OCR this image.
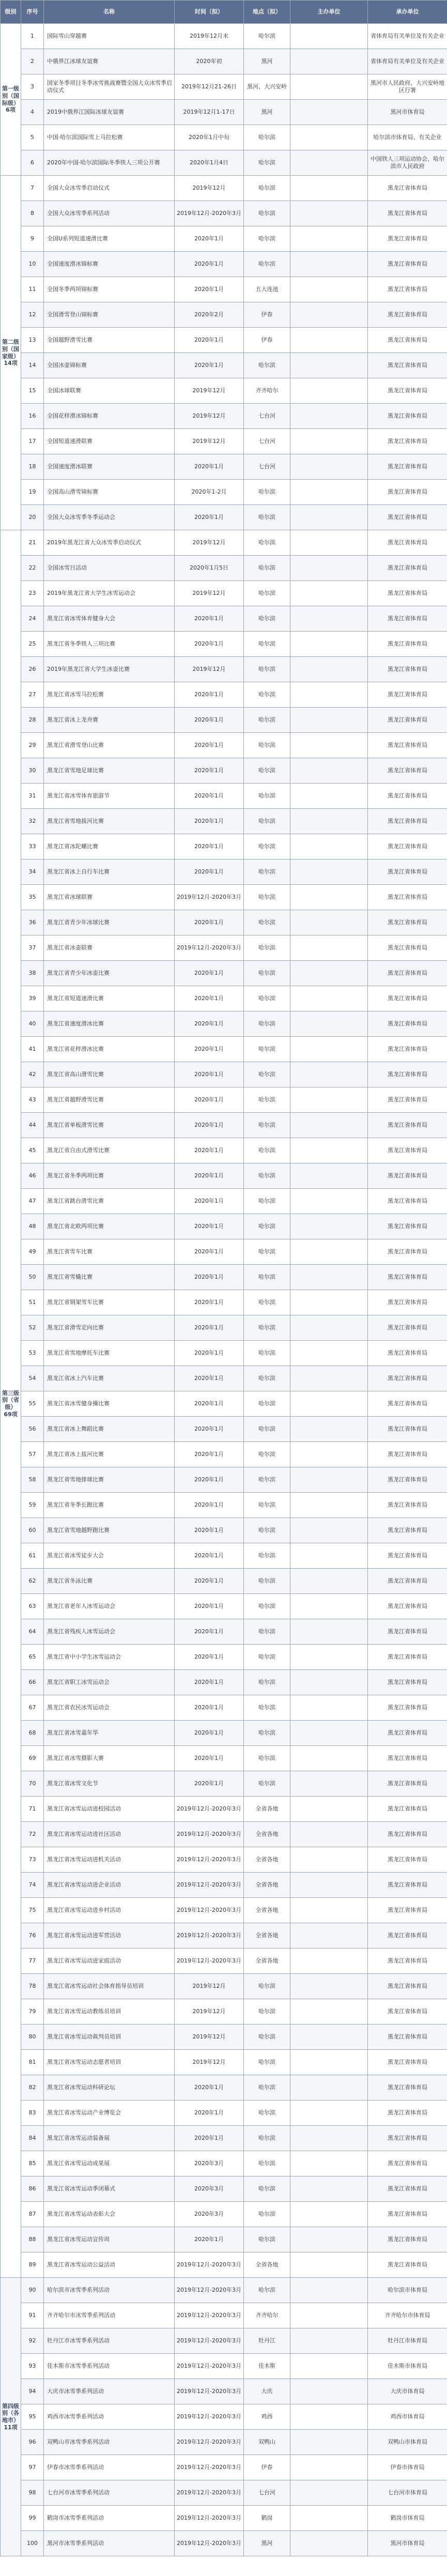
级别	序号	名称	时间（拟）	地点（拟）	主办单位	承办单位
第一级别（国际级）6项	1	国际雪山穿越赛	2019年12月末	哈尔滨		省体育局有关单位及有关企业
	2	中俄界江冰球友谊赛	2020年初	黑河		省体育局有关单位及有关企业
	3	国家冬季项目冬季冰雪挑战赛暨全国大众冰雪季启动仪式	2019年12月21-26日	黑河、大兴安岭		黑河市人民政府、大兴安岭地区行署
	4	2019中俄界江国际冰球友谊赛	2019年12月1-17日	黑河		黑河市体育局
	5	中国·哈尔滨国际雪上马拉松赛	2020年1月中旬	哈尔滨		哈尔滨市体育局、有关企业
	6	2020年中国·哈尔滨国际冬季铁人三项公开赛	2020年1月4日	哈尔滨		中国铁人三项运动协会、哈尔滨市人民政府
第二级别（国家级）14项	7	全国大众冰雪季启动仪式	2019年12月	哈尔滨		黑龙江省体育局
	8	全国大众冰雪季系列活动	2019年12月-2020年3月	哈尔滨		黑龙江省体育局
	9	全国U系列短道速滑比赛	2020年1月	哈尔滨		黑龙江省体育局
	10	全国速度滑冰锦标赛	2020年1月	哈尔滨		黑龙江省体育局
	11	全国冬季两项锦标赛	2020年1月	五大连池		黑龙江省体育局
	12	全国滑雪登山锦标赛	2020年2月	伊春		黑龙江省体育局
	13	全国越野滑雪比赛	2020年1月	伊春		黑龙江省体育局
	14	全国冰壶锦标赛	2020年1月	哈尔滨		黑龙江省体育局
	15	全国冰球联赛	2019年12月	齐齐哈尔		黑龙江省体育局
	16	全国花样滑冰锦标赛	2019年12月	七台河		黑龙江省体育局
	17	全国短道速滑联赛	2019年12月	七台河		黑龙江省体育局
	18	全国速度滑冰联赛	2020年1月	七台河		黑龙江省体育局
	19	全国高山滑雪锦标赛	2020年1-2月	哈尔滨		黑龙江省体育局
	20	全国大众冰雪季冬季运动会	2020年1月	哈尔滨		黑龙江省体育局
第三级别（省级）69项	21	2019年黑龙江省大众冰雪季启动仪式	2019年12月	哈尔滨		黑龙江省体育局
	22	全国冰雪日活动	2020年1月5日	哈尔滨		黑龙江省体育局
	23	2019年黑龙江省大学生冰雪运动会	2019年12月	哈尔滨		黑龙江省体育局
	24	黑龙江省冰雪体育健身大会	2020年1月	哈尔滨		黑龙江省体育局
	25	黑龙江省冬季铁人三项比赛	2020年1月	哈尔滨		黑龙江省体育局
	26	2019年黑龙江省大学生冰壶比赛	2019年12月	哈尔滨		黑龙江省体育局
	27	黑龙江省冰雪马拉松赛	2020年1月	哈尔滨		黑龙江省体育局
	28	黑龙江省冰上龙舟赛	2020年1月	哈尔滨		黑龙江省体育局
	29	黑龙江省滑雪登山比赛	2020年1月	哈尔滨		黑龙江省体育局
	30	黑龙江省雪地足球比赛	2020年1月	哈尔滨		黑龙江省体育局
	31	黑龙江省冰雪体育旅游节	2020年1月	哈尔滨		黑龙江省体育局
	32	黑龙江省雪地拔河比赛	2020年1月	哈尔滨		黑龙江省体育局
	33	黑龙江省冰陀螺比赛	2020年1月	哈尔滨		黑龙江省体育局
	34	黑龙江省冰上自行车比赛	2020年1月	哈尔滨		黑龙江省体育局
	35	黑龙江省冰球联赛	2019年12月-2020年3月	哈尔滨		黑龙江省体育局
	36	黑龙江省青少年冰球比赛	2020年1月	哈尔滨		黑龙江省体育局
	37	黑龙江省冰壶联赛	2019年12月-2020年3月	哈尔滨		黑龙江省体育局
	38	黑龙江省青少年冰壶比赛	2020年1月	哈尔滨		黑龙江省体育局
	39	黑龙江省短道速滑比赛	2020年1月	哈尔滨		黑龙江省体育局
	40	黑龙江省速度滑冰比赛	2020年1月	哈尔滨		黑龙江省体育局
	41	黑龙江省花样滑冰比赛	2020年1月	哈尔滨		黑龙江省体育局
	42	黑龙江省高山滑雪比赛	2020年1月	哈尔滨		黑龙江省体育局
	43	黑龙江省越野滑雪比赛	2020年1月	哈尔滨		黑龙江省体育局
	44	黑龙江省单板滑雪比赛	2020年1月	哈尔滨		黑龙江省体育局
	45	黑龙江省自由式滑雪比赛	2020年1月	哈尔滨		黑龙江省体育局
	46	黑龙江省冬季两项比赛	2020年1月	哈尔滨		黑龙江省体育局
	47	黑龙江省跳台滑雪比赛	2020年1月	哈尔滨		黑龙江省体育局
	48	黑龙江省北欧两项比赛	2020年1月	哈尔滨		黑龙江省体育局
	49	黑龙江省雪车比赛	2020年1月	哈尔滨		黑龙江省体育局
	50	黑龙江省雪橇比赛	2020年1月	哈尔滨		黑龙江省体育局
	51	黑龙江省钢架雪车比赛	2020年1月	哈尔滨		黑龙江省体育局
	52	黑龙江省滑雪定向比赛	2020年1月	哈尔滨		黑龙江省体育局
	53	黑龙江省雪地摩托车比赛	2020年1月	哈尔滨		黑龙江省体育局
	54	黑龙江省冰上汽车比赛	2020年1月	哈尔滨		黑龙江省体育局
	55	黑龙江省冰雪健身操比赛	2020年1月	哈尔滨		黑龙江省体育局
	56	黑龙江省冰上舞蹈比赛	2020年1月	哈尔滨		黑龙江省体育局
	57	黑龙江省冰上拔河比赛	2020年1月	哈尔滨		黑龙江省体育局
	58	黑龙江省雪地排球比赛	2020年1月	哈尔滨		黑龙江省体育局
	59	黑龙江省冬季长跑比赛	2020年1月	哈尔滨		黑龙江省体育局
	60	黑龙江省雪地越野跑比赛	2020年1月	哈尔滨		黑龙江省体育局
	61	黑龙江省冰雪徒步大会	2020年1月	哈尔滨		黑龙江省体育局
	62	黑龙江省冬泳比赛	2020年1月	哈尔滨		黑龙江省体育局
	63	黑龙江省老年人冰雪运动会	2020年1月	哈尔滨		黑龙江省体育局
	64	黑龙江省残疾人冰雪运动会	2020年1月	哈尔滨		黑龙江省体育局
	65	黑龙江省中小学生冰雪运动会	2020年1月	哈尔滨		黑龙江省体育局
	66	黑龙江省职工冰雪运动会	2020年1月	哈尔滨		黑龙江省体育局
	67	黑龙江省农民冰雪运动会	2020年1月	哈尔滨		黑龙江省体育局
	68	黑龙江省冰雪嘉年华	2020年1月	哈尔滨		黑龙江省体育局
	69	黑龙江省冰雪摄影大赛	2020年1月	哈尔滨		黑龙江省体育局
	70	黑龙江省冰雪文化节	2020年1月	哈尔滨		黑龙江省体育局
	71	黑龙江省冰雪运动进校园活动	2019年12月-2020年3月	全省各地		黑龙江省体育局
	72	黑龙江省冰雪运动进社区活动	2019年12月-2020年3月	全省各地		黑龙江省体育局
	73	黑龙江省冰雪运动进机关活动	2019年12月-2020年3月	全省各地		黑龙江省体育局
	74	黑龙江省冰雪运动进企业活动	2019年12月-2020年3月	全省各地		黑龙江省体育局
	75	黑龙江省冰雪运动进乡村活动	2019年12月-2020年3月	全省各地		黑龙江省体育局
	76	黑龙江省冰雪运动进军营活动	2019年12月-2020年3月	全省各地		黑龙江省体育局
	77	黑龙江省冰雪运动进家庭活动	2019年12月-2020年3月	全省各地		黑龙江省体育局
	78	黑龙江省冰雪运动社会体育指导员培训	2019年12月	哈尔滨		黑龙江省体育局
	79	黑龙江省冰雪运动教练员培训	2019年12月	哈尔滨		黑龙江省体育局
	80	黑龙江省冰雪运动裁判员培训	2019年12月	哈尔滨		黑龙江省体育局
	81	黑龙江省冰雪运动志愿者培训	2019年12月	哈尔滨		黑龙江省体育局
	82	黑龙江省冰雪运动科研论坛	2020年1月	哈尔滨		黑龙江省体育局
	83	黑龙江省冰雪运动产业博览会	2020年1月	哈尔滨		黑龙江省体育局
	84	黑龙江省冰雪运动装备展	2020年1月	哈尔滨		黑龙江省体育局
	85	黑龙江省冰雪运动成果展	2020年3月	哈尔滨		黑龙江省体育局
	86	黑龙江省冰雪运动季闭幕式	2020年3月	哈尔滨		黑龙江省体育局
	87	黑龙江省冰雪运动表彰大会	2020年3月	哈尔滨		黑龙江省体育局
	88	黑龙江省冰雪运动宣传周	2020年1月	哈尔滨		黑龙江省体育局
	89	黑龙江省冰雪运动公益活动	2019年12月-2020年3月	全省各地		黑龙江省体育局
第四级别（各地市）11项	90	哈尔滨市冰雪季系列活动	2019年12月-2020年3月	哈尔滨		哈尔滨市体育局
	91	齐齐哈尔市冰雪季系列活动	2019年12月-2020年3月	齐齐哈尔		齐齐哈尔市体育局
	92	牡丹江市冰雪季系列活动	2019年12月-2020年3月	牡丹江		牡丹江市体育局
	93	佳木斯市冰雪季系列活动	2019年12月-2020年3月	佳木斯		佳木斯市体育局
	94	大庆市冰雪季系列活动	2019年12月-2020年3月	大庆		大庆市体育局
	95	鸡西市冰雪季系列活动	2019年12月-2020年3月	鸡西		鸡西市体育局
	96	双鸭山市冰雪季系列活动	2019年12月-2020年3月	双鸭山		双鸭山市体育局
	97	伊春市冰雪季系列活动	2019年12月-2020年3月	伊春		伊春市体育局
	98	七台河市冰雪季系列活动	2019年12月-2020年3月	七台河		七台河市体育局
	99	鹤岗市冰雪季系列活动	2019年12月-2020年3月	鹤岗		鹤岗市体育局
	100	黑河市冰雪季系列活动	2019年12月-2020年3月	黑河		黑河市体育局
